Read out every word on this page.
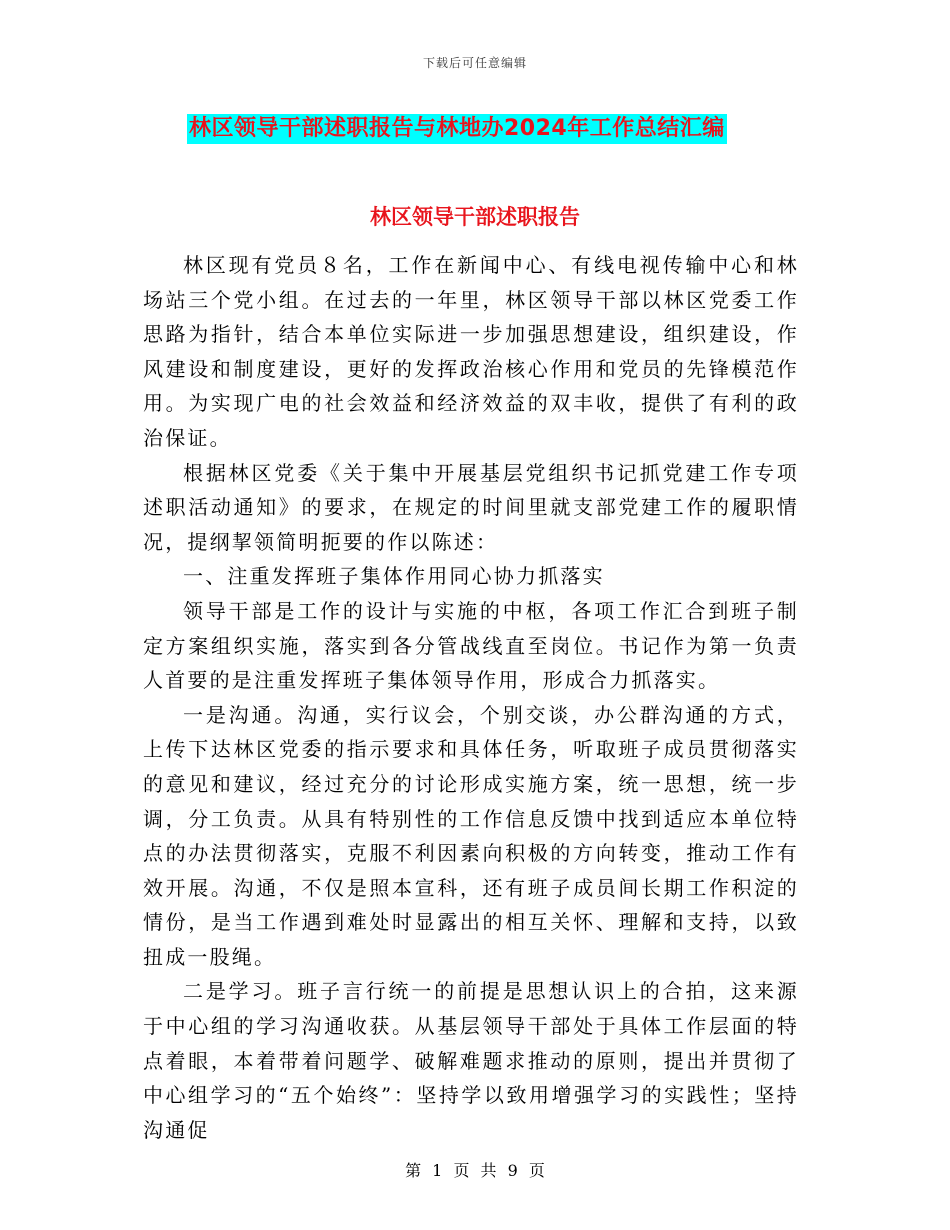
下载后可任意编辑
林区领导干部述职报告与林地办2024年工作总结汇编
林区领导干部述职报告

林区现有党员８名，工作在新闻中心、有线电视传输中心和林场站三个党小组。在过去的一年里，林区领导干部以林区党委工作思路为指针，结合本单位实际进一步加强思想建设，组织建设，作风建设和制度建设，更好的发挥政治核心作用和党员的先锋模范作用。为实现广电的社会效益和经济效益的双丰收，提供了有利的政治保证。

根据林区党委《关于集中开展基层党组织书记抓党建工作专项述职活动通知》的要求，在规定的时间里就支部党建工作的履职情况，提纲挈领简明扼要的作以陈述：

一、注重发挥班子集体作用同心协力抓落实

领导干部是工作的设计与实施的中枢，各项工作汇合到班子制定方案组织实施，落实到各分管战线直至岗位。书记作为第一负责人首要的是注重发挥班子集体领导作用，形成合力抓落实。

一是沟通。沟通，实行议会，个别交谈，办公群沟通的方式，上传下达林区党委的指示要求和具体任务，听取班子成员贯彻落实的意见和建议，经过充分的讨论形成实施方案，统一思想，统一步调，分工负责。从具有特别性的工作信息反馈中找到适应本单位特点的办法贯彻落实，克服不利因素向积极的方向转变，推动工作有效开展。沟通，不仅是照本宣科，还有班子成员间长期工作积淀的情份，是当工作遇到难处时显露出的相互关怀、理解和支持，以致扭成一股绳。

二是学习。班子言行统一的前提是思想认识上的合拍，这来源于中心组的学习沟通收获。从基层领导干部处于具体工作层面的特点着眼，本着带着问题学、破解难题求推动的原则，提出并贯彻了中心组学习的“五个始终”：坚持学以致用增强学习的实践性；坚持沟通促

第 1 页 共 9 页
